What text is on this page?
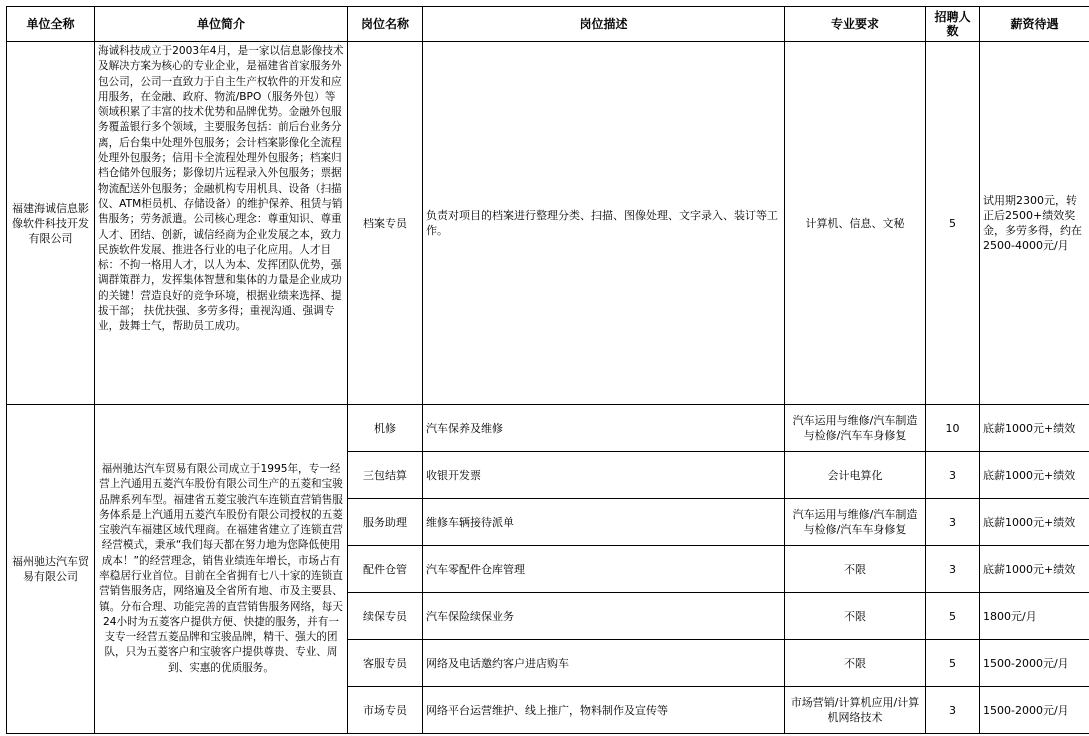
单位全称	单位简介	岗位名称	岗位描述	专业要求	招聘人数	薪资待遇
福建海诚信息影像软件科技开发有限公司	海诚科技成立于2003年4月，是一家以信息影像技术及解决方案为核心的专业企业，是福建省首家服务外包公司，公司一直致力于自主生产权软件的开发和应用服务，在金融、政府、物流/BPO（服务外包）等领域积累了丰富的技术优势和品牌优势。金融外包服务覆盖银行多个领域，主要服务包括：前后台业务分离，后台集中处理外包服务；会计档案影像化全流程处理外包服务；信用卡全流程处理外包服务；档案归档仓储外包服务；影像切片远程录入外包服务；票据物流配送外包服务；金融机构专用机具、设备（扫描仪、ATM柜员机、存储设备）的维护保养、租赁与销售服务；劳务派遣。公司核心理念：尊重知识、尊重人才、团结、创新，诚信经商为企业发展之本，致力民族软件发展、推进各行业的电子化应用。人才目标：不拘一格用人才，以人为本、发挥团队优势，强调群策群力，发挥集体智慧和集体的力量是企业成功的关键！营造良好的竞争环境，根据业绩来选择、提拔干部； 扶优扶强、多劳多得；重视沟通、强调专业，鼓舞士气，帮助员工成功。	档案专员	负责对项目的档案进行整理分类、扫描、图像处理、文字录入、装订等工作。	计算机、信息、文秘	5	试用期2300元，转正后2500+绩效奖金，多劳多得，约在2500-4000元/月
福州驰达汽车贸易有限公司	福州驰达汽车贸易有限公司成立于1995年，专一经营上汽通用五菱汽车股份有限公司生产的五菱和宝骏品牌系列车型。福建省五菱宝骏汽车连锁直营销售服务体系是上汽通用五菱汽车股份有限公司授权的五菱宝骏汽车福建区域代理商。在福建省建立了连锁直营经营模式，秉承“我们每天都在努力地为您降低使用成本！”的经营理念，销售业绩连年增长，市场占有率稳居行业首位。目前在全省拥有七八十家的连锁直营销售服务店，网络遍及全省所有地、市及主要县、镇。分布合理、功能完善的直营销售服务网络，每天24小时为五菱客户提供方便、快捷的服务，并有一支专一经营五菱品牌和宝骏品牌，精干、强大的团队，只为五菱客户和宝骏客户提供尊贵、专业、周到、实惠的优质服务。	机修	汽车保养及维修	汽车运用与维修/汽车制造与检修/汽车车身修复	10	底薪1000元+绩效
		三包结算	收银开发票	会计电算化	3	底薪1000元+绩效
		服务助理	维修车辆接待派单	汽车运用与维修/汽车制造与检修/汽车车身修复	3	底薪1000元+绩效
		配件仓管	汽车零配件仓库管理	不限	3	底薪1000元+绩效
		续保专员	汽车保险续保业务	不限	5	1800元/月
		客服专员	网络及电话邀约客户进店购车	不限	5	1500-2000元/月
		市场专员	网络平台运营维护、线上推广，物料制作及宣传等	市场营销/计算机应用/计算机网络技术	3	1500-2000元/月
